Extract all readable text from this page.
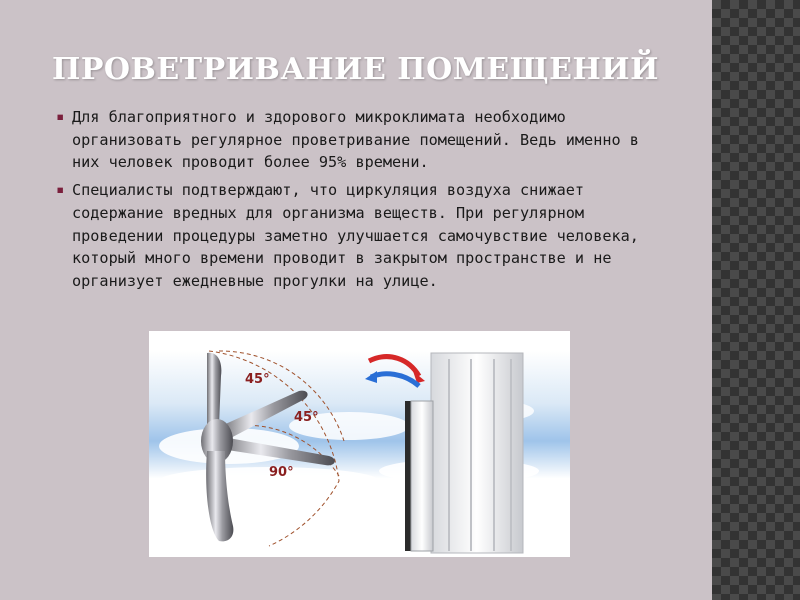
ПРОВЕТРИВАНИЕ ПОМЕЩЕНИЙ
▪ Для благоприятного и здорового микроклимата необходимо организовать регулярное проветривание помещений. Ведь именно в них человек проводит более 95% времени.
▪ Специалисты подтверждают, что циркуляция воздуха снижает содержание вредных для организма веществ. При регулярном проведении процедуры заметно улучшается самочувствие человека, который много времени проводит в закрытом пространстве и не организует ежедневные прогулки на улице.
45°
45°
90°
